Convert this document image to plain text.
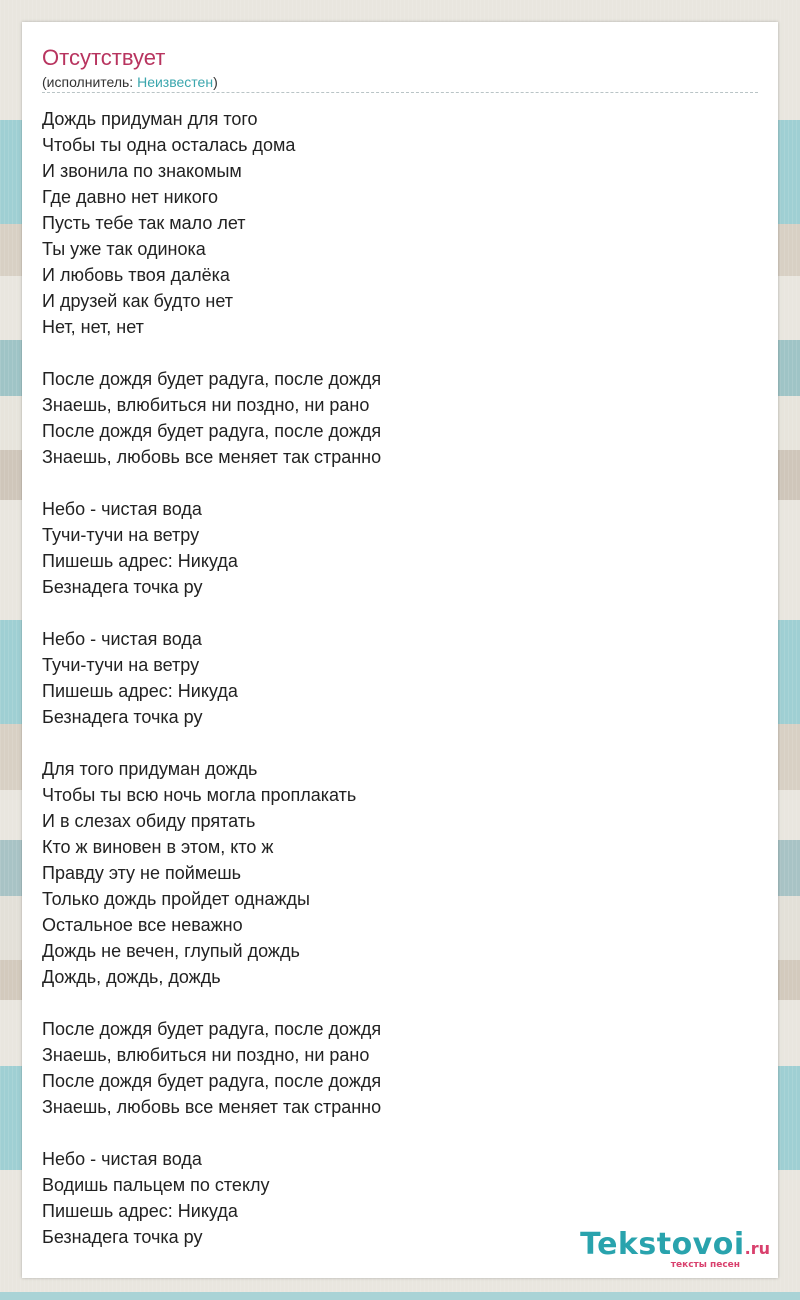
Отсутствует
(исполнитель: Неизвестен)
Дождь придуман для того
Чтобы ты одна осталась дома
И звонила по знакомым
Где давно нет никого
Пусть тебе так мало лет
Ты уже так одинока
И любовь твоя далёка
И друзей как будто нет
Нет, нет, нет
После дождя будет радуга, после дождя
Знаешь, влюбиться ни поздно, ни рано
После дождя будет радуга, после дождя
Знаешь, любовь все меняет так странно
Небо - чистая вода
Тучи-тучи на ветру
Пишешь адрес: Никуда
Безнадега точка ру
Небо - чистая вода
Тучи-тучи на ветру
Пишешь адрес: Никуда
Безнадега точка ру
Для того придуман дождь
Чтобы ты всю ночь могла проплакать
И в слезах обиду прятать
Кто ж виновен в этом, кто ж
Правду эту не поймешь
Только дождь пройдет однажды
Остальное все неважно
Дождь не вечен, глупый дождь
Дождь, дождь, дождь
После дождя будет радуга, после дождя
Знаешь, влюбиться ни поздно, ни рано
После дождя будет радуга, после дождя
Знаешь, любовь все меняет так странно
Небо - чистая вода
Водишь пальцем по стеклу
Пишешь адрес: Никуда
Безнадега точка ру	Tekstovoi.ru
тексты песен
